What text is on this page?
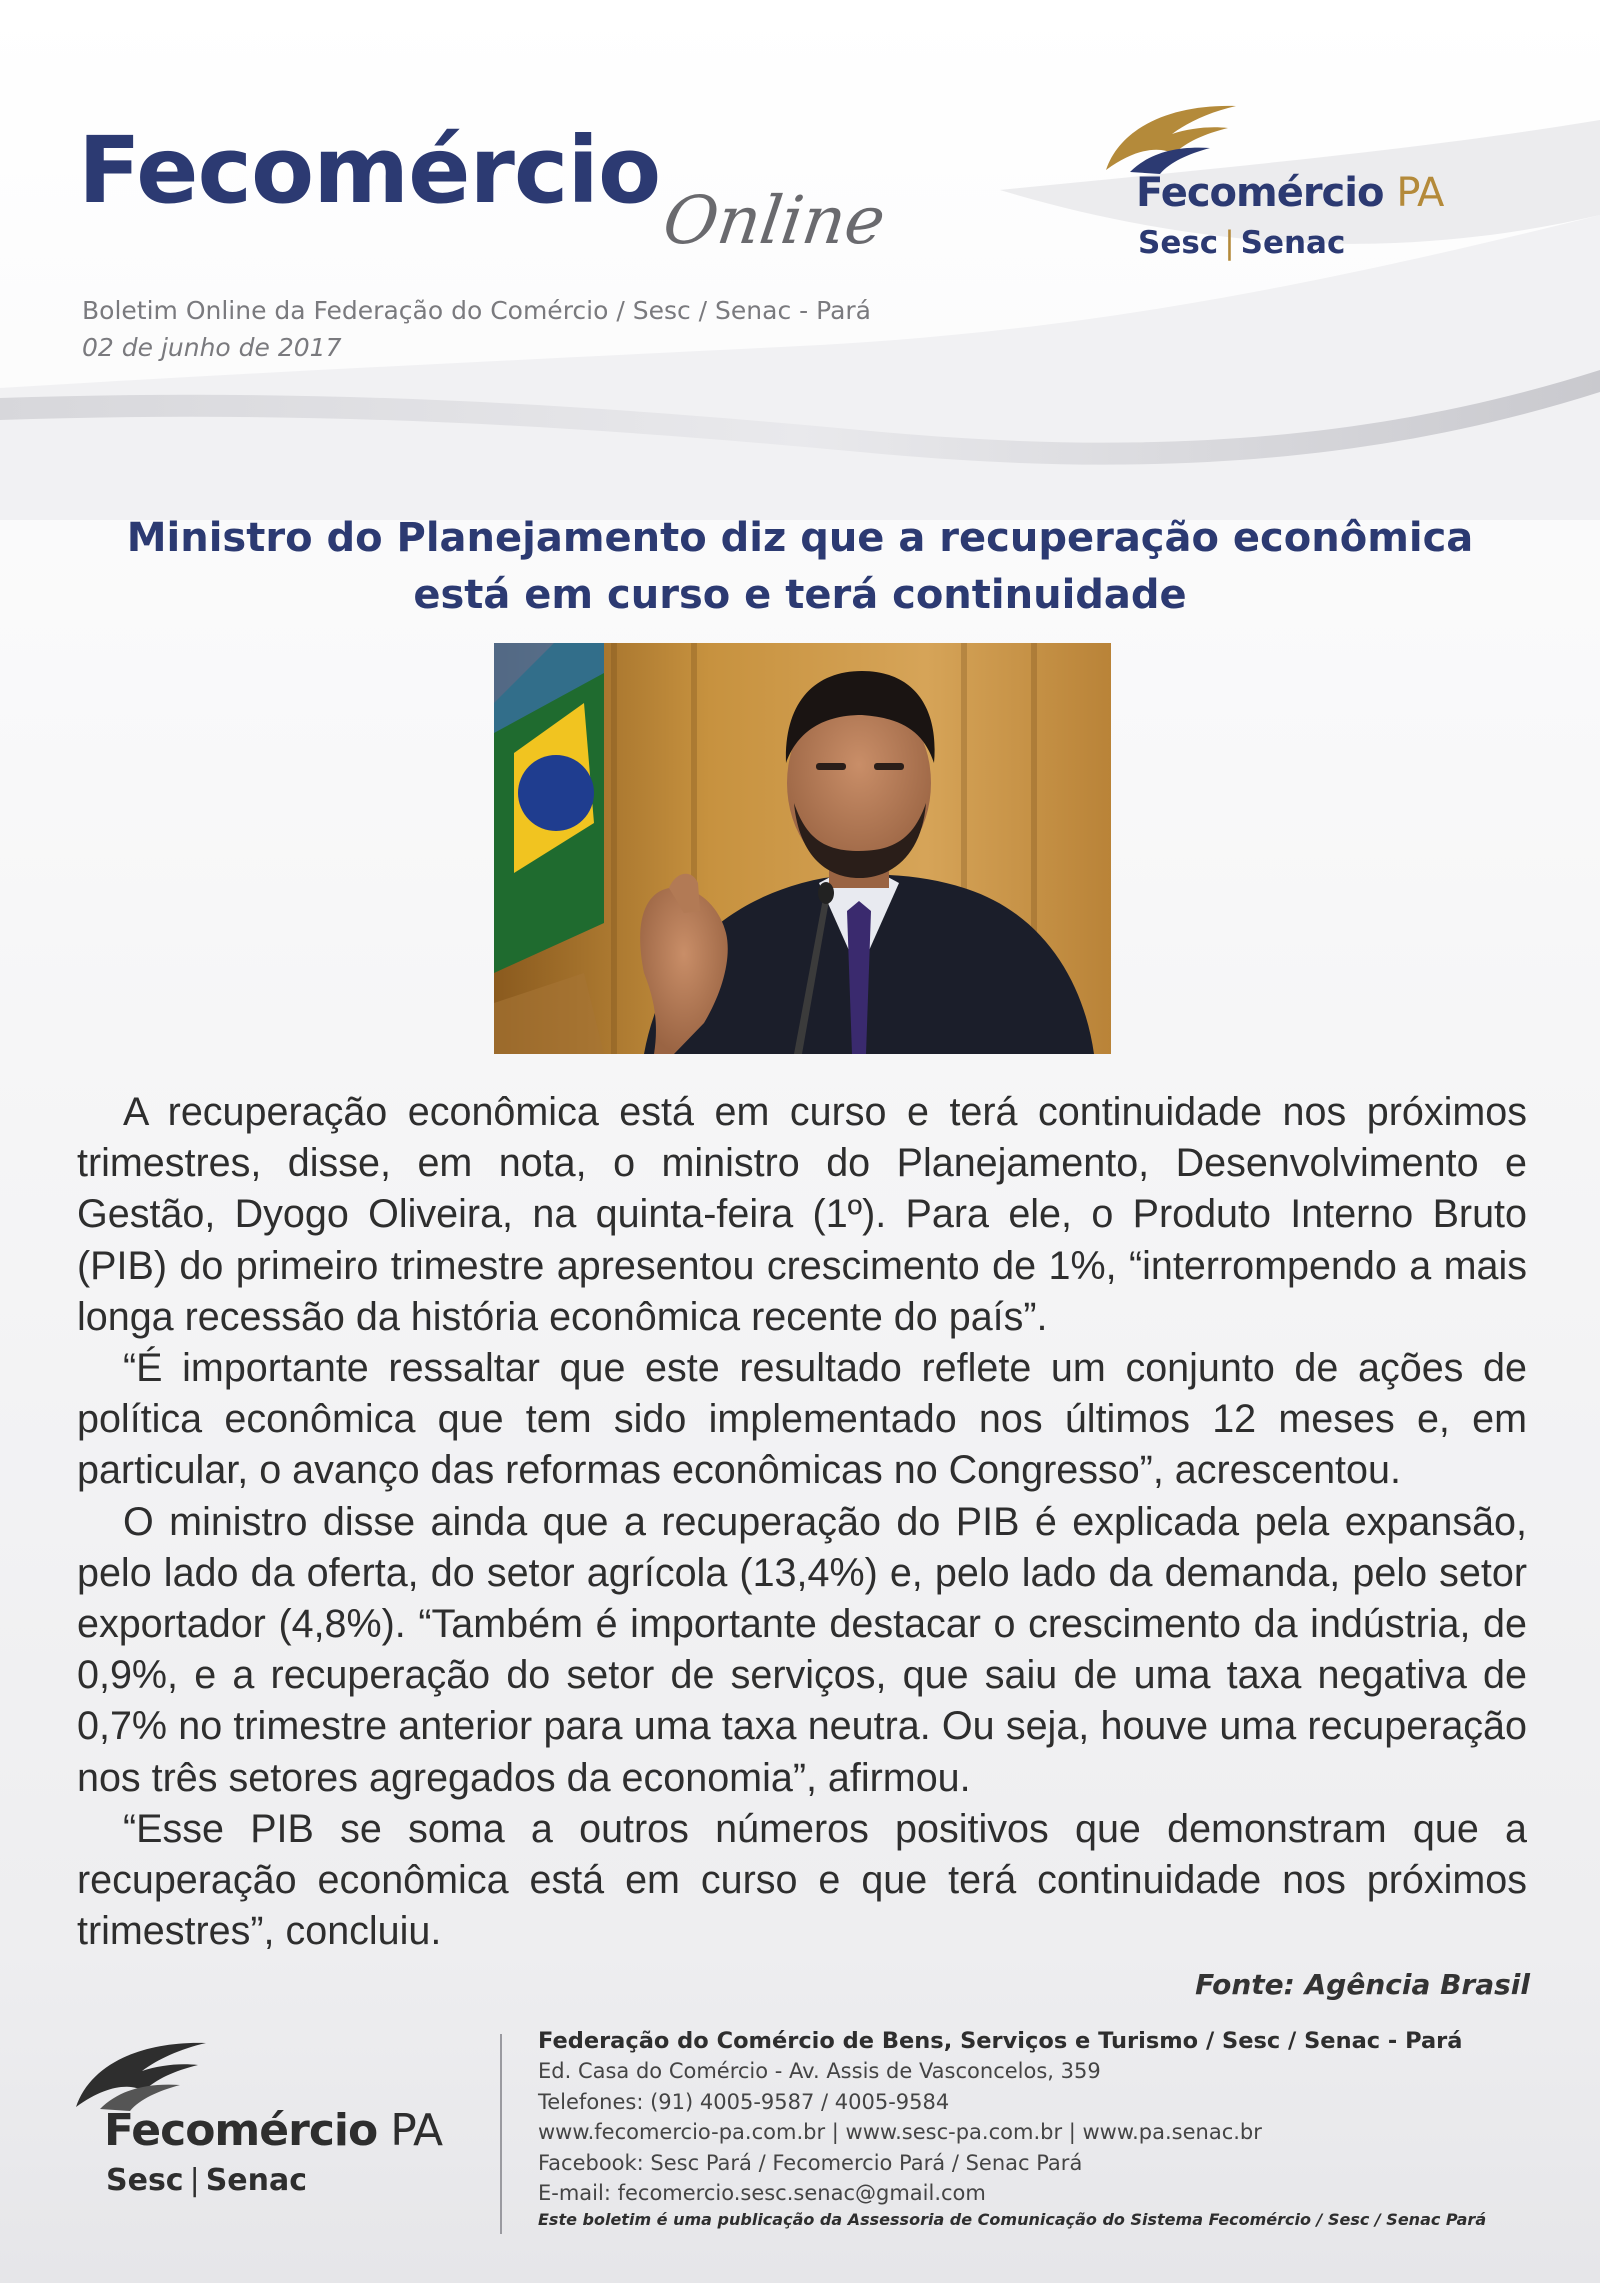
Fecomércio
Online
Boletim Online da Federação do Comércio / Sesc / Senac - Pará
02 de junho de 2017
Fecomércio PA
Sesc | Senac
Ministro do Planejamento diz que a recuperação econômica
está em curso e terá continuidade

A recuperação econômica está em curso e terá continuidade nos próximos trimestres, disse, em nota, o ministro do Planejamento, Desenvolvimento e Gestão, Dyogo Oliveira, na quinta-feira (1º). Para ele, o Produto Interno Bruto (PIB) do primeiro trimestre apresentou crescimento de 1%, “interrompendo a mais longa recessão da história econômica recente do país”.

“É importante ressaltar que este resultado reflete um conjunto de ações de política econômica que tem sido implementado nos últimos 12 meses e, em particular, o avanço das reformas econômicas no Congresso”, acrescentou.

O ministro disse ainda que a recuperação do PIB é explicada pela expansão, pelo lado da oferta, do setor agrícola (13,4%) e, pelo lado da demanda, pelo setor exportador (4,8%). “Também é importante destacar o crescimento da indústria, de 0,9%, e a recuperação do setor de serviços, que saiu de uma taxa negativa de 0,7% no trimestre anterior para uma taxa neutra. Ou seja, houve uma recuperação nos três setores agregados da economia”, afirmou.

“Esse PIB se soma a outros números positivos que demonstram que a recuperação econômica está em curso e que terá continuidade nos próximos trimestres”, concluiu.

Fonte: Agência Brasil
Fecomércio PA
Sesc | Senac
Federação do Comércio de Bens, Serviços e Turismo / Sesc / Senac - Pará
Ed. Casa do Comércio - Av. Assis de Vasconcelos, 359
Telefones: (91) 4005-9587 / 4005-9584
www.fecomercio-pa.com.br | www.sesc-pa.com.br | www.pa.senac.br
Facebook: Sesc Pará / Fecomercio Pará / Senac Pará
E-mail: fecomercio.sesc.senac@gmail.com
Este boletim é uma publicação da Assessoria de Comunicação do Sistema Fecomércio / Sesc / Senac Pará
